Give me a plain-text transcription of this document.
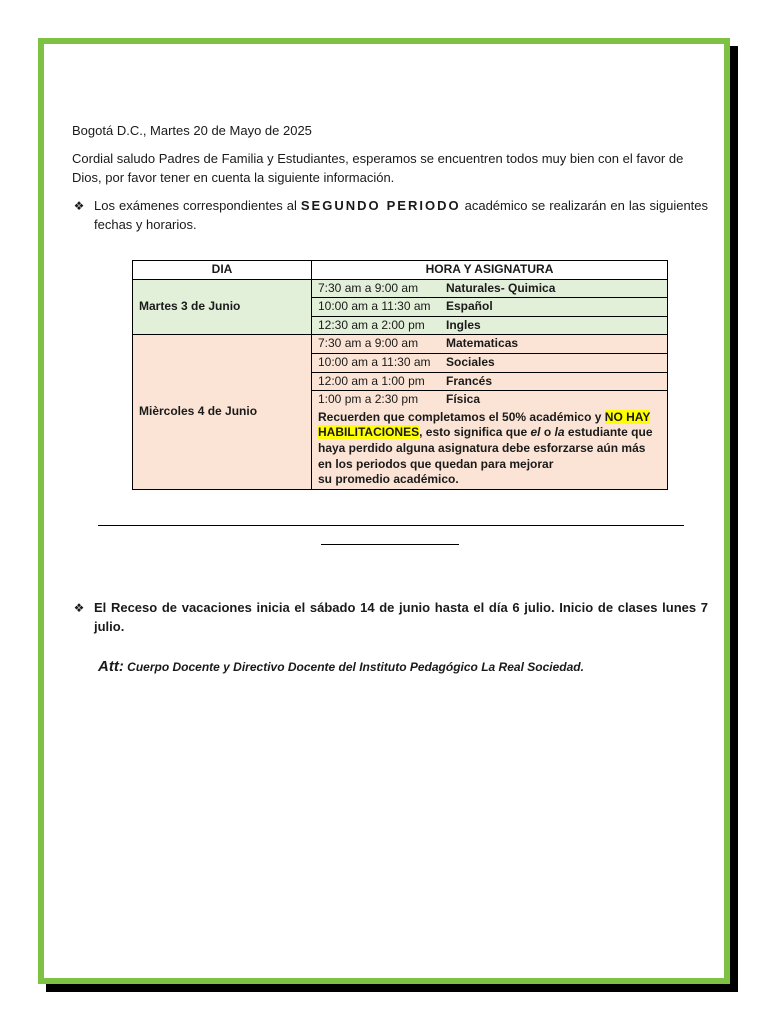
Bogotá D.C., Martes 20 de Mayo de 2025

Cordial saludo Padres de Familia y Estudiantes, esperamos se encuentren todos muy bien con el favor de Dios, por favor tener en cuenta la siguiente información.

❖ Los exámenes correspondientes al SEGUNDO PERIODO académico se realizarán en las siguientes fechas y horarios.

DIA	HORA Y ASIGNATURA
Martes 3 de Junio	7:30 am a 9:00 am Naturales- Quimica
	10:00 am a 11:30 am Español
	12:30 am a 2:00 pm Ingles
Mièrcoles 4 de Junio	7:30 am a 9:00 am Matematicas
	10:00 am a 11:30 am Sociales
	12:00 am a 1:00 pm Francés
	1:00 pm a 2:30 pm Física
	Recuerden que completamos el 50% académico y NO HAY HABILITACIONES, esto significa que el o la estudiante que haya perdido alguna asignatura debe esforzarse aún más en los periodos que quedan para mejorar
su promedio académico.
❖ El Receso de vacaciones inicia el sábado 14 de junio hasta el día 6 julio. Inicio de clases lunes 7 julio.

Att: Cuerpo Docente y Directivo Docente del Instituto Pedagógico La Real Sociedad.
